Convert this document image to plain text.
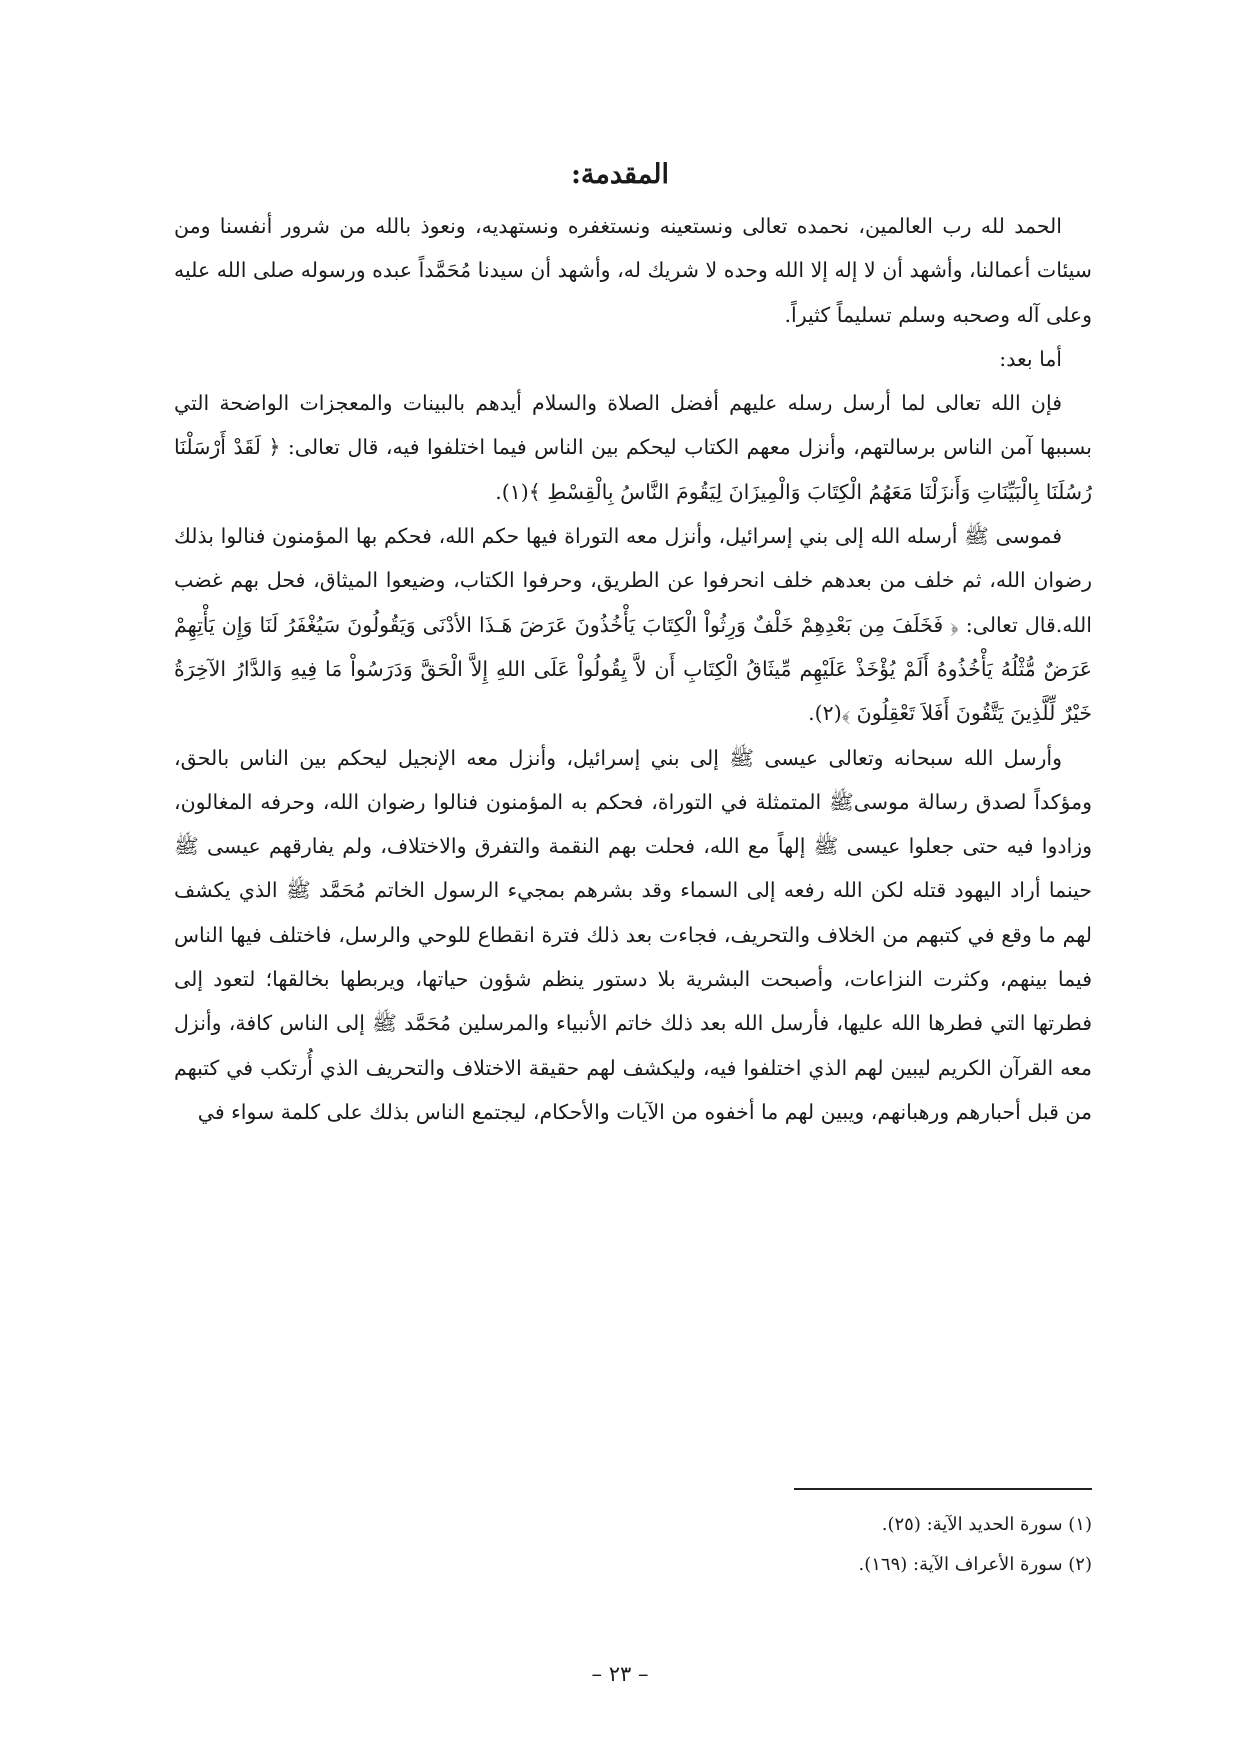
المقدمة:

الحمد لله رب العالمين، نحمده تعالى ونستعينه ونستغفره ونستهديه، ونعوذ بالله من شرور أنفسنا ومن سيئات أعمالنا، وأشهد أن لا إله إلا الله وحده لا شريك له، وأشهد أن سيدنا مُحَمَّداً عبده ورسوله صلى الله عليه وعلى آله وصحبه وسلم تسليماً كثيراً.

أما بعد:

فإن الله تعالى لما أرسل رسله عليهم أفضل الصلاة والسلام أيدهم بالبينات والمعجزات الواضحة التي بسببها آمن الناس برسالتهم، وأنزل معهم الكتاب ليحكم بين الناس فيما اختلفوا فيه، قال تعالى: ﴿ لَقَدْ أَرْسَلْنَا رُسُلَنَا بِالْبَيِّنَاتِ وَأَنزَلْنَا مَعَهُمُ الْكِتَابَ وَالْمِيزَانَ لِيَقُومَ النَّاسُ بِالْقِسْطِ ﴾(١).

فموسى ﷺ أرسله الله إلى بني إسرائيل، وأنزل معه التوراة فيها حكم الله، فحكم بها المؤمنون فنالوا بذلك رضوان الله، ثم خلف من بعدهم خلف انحرفوا عن الطريق، وحرفوا الكتاب، وضيعوا الميثاق، فحل بهم غضب الله.قال تعالى: ﴿ فَخَلَفَ مِن بَعْدِهِمْ خَلْفٌ وَرِثُواْ الْكِتَابَ يَأْخُذُونَ عَرَضَ هَـذَا الأدْنَى وَيَقُولُونَ سَيُغْفَرُ لَنَا وَإِن يَأْتِهِمْ عَرَضٌ مُّثْلُهُ يَأْخُذُوهُ أَلَمْ يُؤْخَذْ عَلَيْهِم مِّيثَاقُ الْكِتَابِ أَن لاَّ يِقُولُواْ عَلَى اللهِ إِلاَّ الْحَقَّ وَدَرَسُواْ مَا فِيهِ وَالدَّارُ الآخِرَةُ خَيْرٌ لِّلَّذِينَ يَتَّقُونَ أَفَلاَ تَعْقِلُونَ ﴾(٢).

وأرسل الله سبحانه وتعالى عيسى ﷺ إلى بني إسرائيل، وأنزل معه الإنجيل ليحكم بين الناس بالحق، ومؤكداً لصدق رسالة موسىﷺ المتمثلة في التوراة، فحكم به المؤمنون فنالوا رضوان الله، وحرفه المغالون، وزادوا فيه حتى جعلوا عيسى ﷺ إلهاً مع الله، فحلت بهم النقمة والتفرق والاختلاف، ولم يفارقهم عيسى ﷺ حينما أراد اليهود قتله لكن الله رفعه إلى السماء وقد بشرهم بمجيء الرسول الخاتم مُحَمَّد ﷺ الذي يكشف لهم ما وقع في كتبهم من الخلاف والتحريف، فجاءت بعد ذلك فترة انقطاع للوحي والرسل، فاختلف فيها الناس فيما بينهم، وكثرت النزاعات، وأصبحت البشرية بلا دستور ينظم شؤون حياتها، ويربطها بخالقها؛ لتعود إلى فطرتها التي فطرها الله عليها، فأرسل الله بعد ذلك خاتم الأنبياء والمرسلين مُحَمَّد ﷺ إلى الناس كافة، وأنزل معه القرآن الكريم ليبين لهم الذي اختلفوا فيه، وليكشف لهم حقيقة الاختلاف والتحريف الذي أُرتكب في كتبهم من قبل أحبارهم ورهبانهم، ويبين لهم ما أخفوه من الآيات والأحكام، ليجتمع الناس بذلك على كلمة سواء في

(١) سورة الحديد الآية: (٢٥).

(٢) سورة الأعراف الآية: (١٦٩).

– ٢٣ –
